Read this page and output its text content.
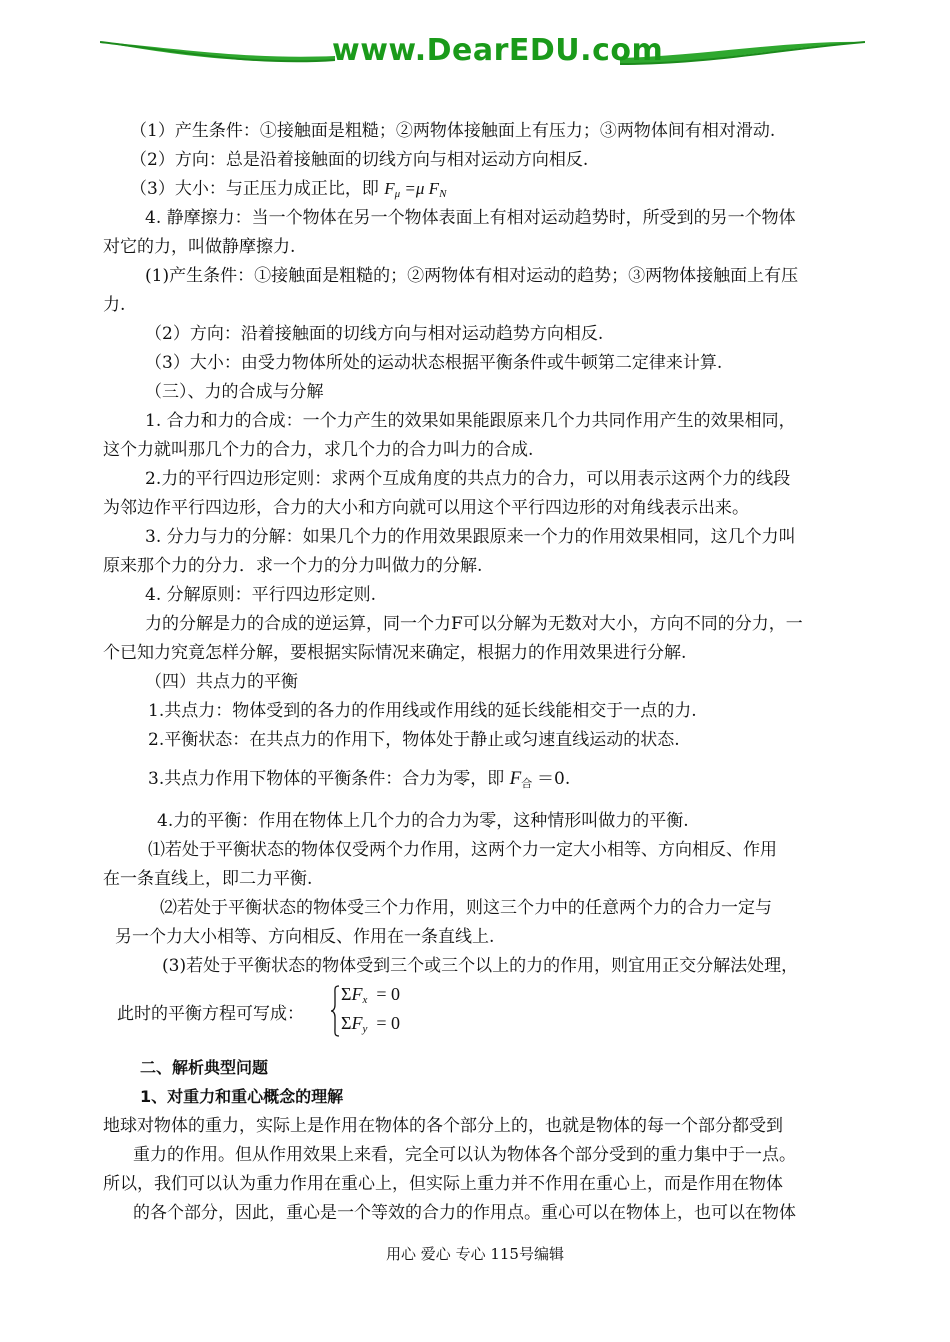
www.DearEDU.com
（1）产生条件：①接触面是粗糙；②两物体接触面上有压力；③两物体间有相对滑动.
（2）方向：总是沿着接触面的切线方向与相对运动方向相反.
（3）大小：与正压力成正比，即 $F_\mu =\mu$ $F_N$
4. 静摩擦力：当一个物体在另一个物体表面上有相对运动趋势时，所受到的另一个物体
对它的力，叫做静摩擦力.
(1)产生条件：①接触面是粗糙的；②两物体有相对运动的趋势；③两物体接触面上有压
力.
（2）方向：沿着接触面的切线方向与相对运动趋势方向相反.
（3）大小：由受力物体所处的运动状态根据平衡条件或牛顿第二定律来计算.
（三）、力的合成与分解
1. 合力和力的合成：一个力产生的效果如果能跟原来几个力共同作用产生的效果相同，
这个力就叫那几个力的合力，求几个力的合力叫力的合成.
2.力的平行四边形定则：求两个互成角度的共点力的合力，可以用表示这两个力的线段
为邻边作平行四边形，合力的大小和方向就可以用这个平行四边形的对角线表示出来。
3. 分力与力的分解：如果几个力的作用效果跟原来一个力的作用效果相同，这几个力叫
原来那个力的分力．求一个力的分力叫做力的分解.
4. 分解原则：平行四边形定则.
力的分解是力的合成的逆运算，同一个力F可以分解为无数对大小，方向不同的分力，一
个已知力究竟怎样分解，要根据实际情况来确定，根据力的作用效果进行分解.
（四）共点力的平衡
1.共点力：物体受到的各力的作用线或作用线的延长线能相交于一点的力.
2.平衡状态：在共点力的作用下，物体处于静止或匀速直线运动的状态.
3.共点力作用下物体的平衡条件：合力为零，即 $F_合 =0$.
4.力的平衡：作用在物体上几个力的合力为零，这种情形叫做力的平衡.
⑴若处于平衡状态的物体仅受两个力作用，这两个力一定大小相等、方向相反、作用
在一条直线上，即二力平衡.
⑵若处于平衡状态的物体受三个力作用，则这三个力中的任意两个力的合力一定与
另一个力大小相等、方向相反、作用在一条直线上.
(3)若处于平衡状态的物体受到三个或三个以上的力的作用，则宜用正交分解法处理，
此时的平衡方程可写成：
$\Sigma F_x = 0$
$\Sigma F_y = 0$
二、解析典型问题
1、对重力和重心概念的理解
地球对物体的重力，实际上是作用在物体的各个部分上的，也就是物体的每一个部分都受到
重力的作用。但从作用效果上来看，完全可以认为物体各个部分受到的重力集中于一点。
所以，我们可以认为重力作用在重心上，但实际上重力并不作用在重心上，而是作用在物体
的各个部分，因此，重心是一个等效的合力的作用点。重心可以在物体上，也可以在物体
用心 爱心 专心 115号编辑
